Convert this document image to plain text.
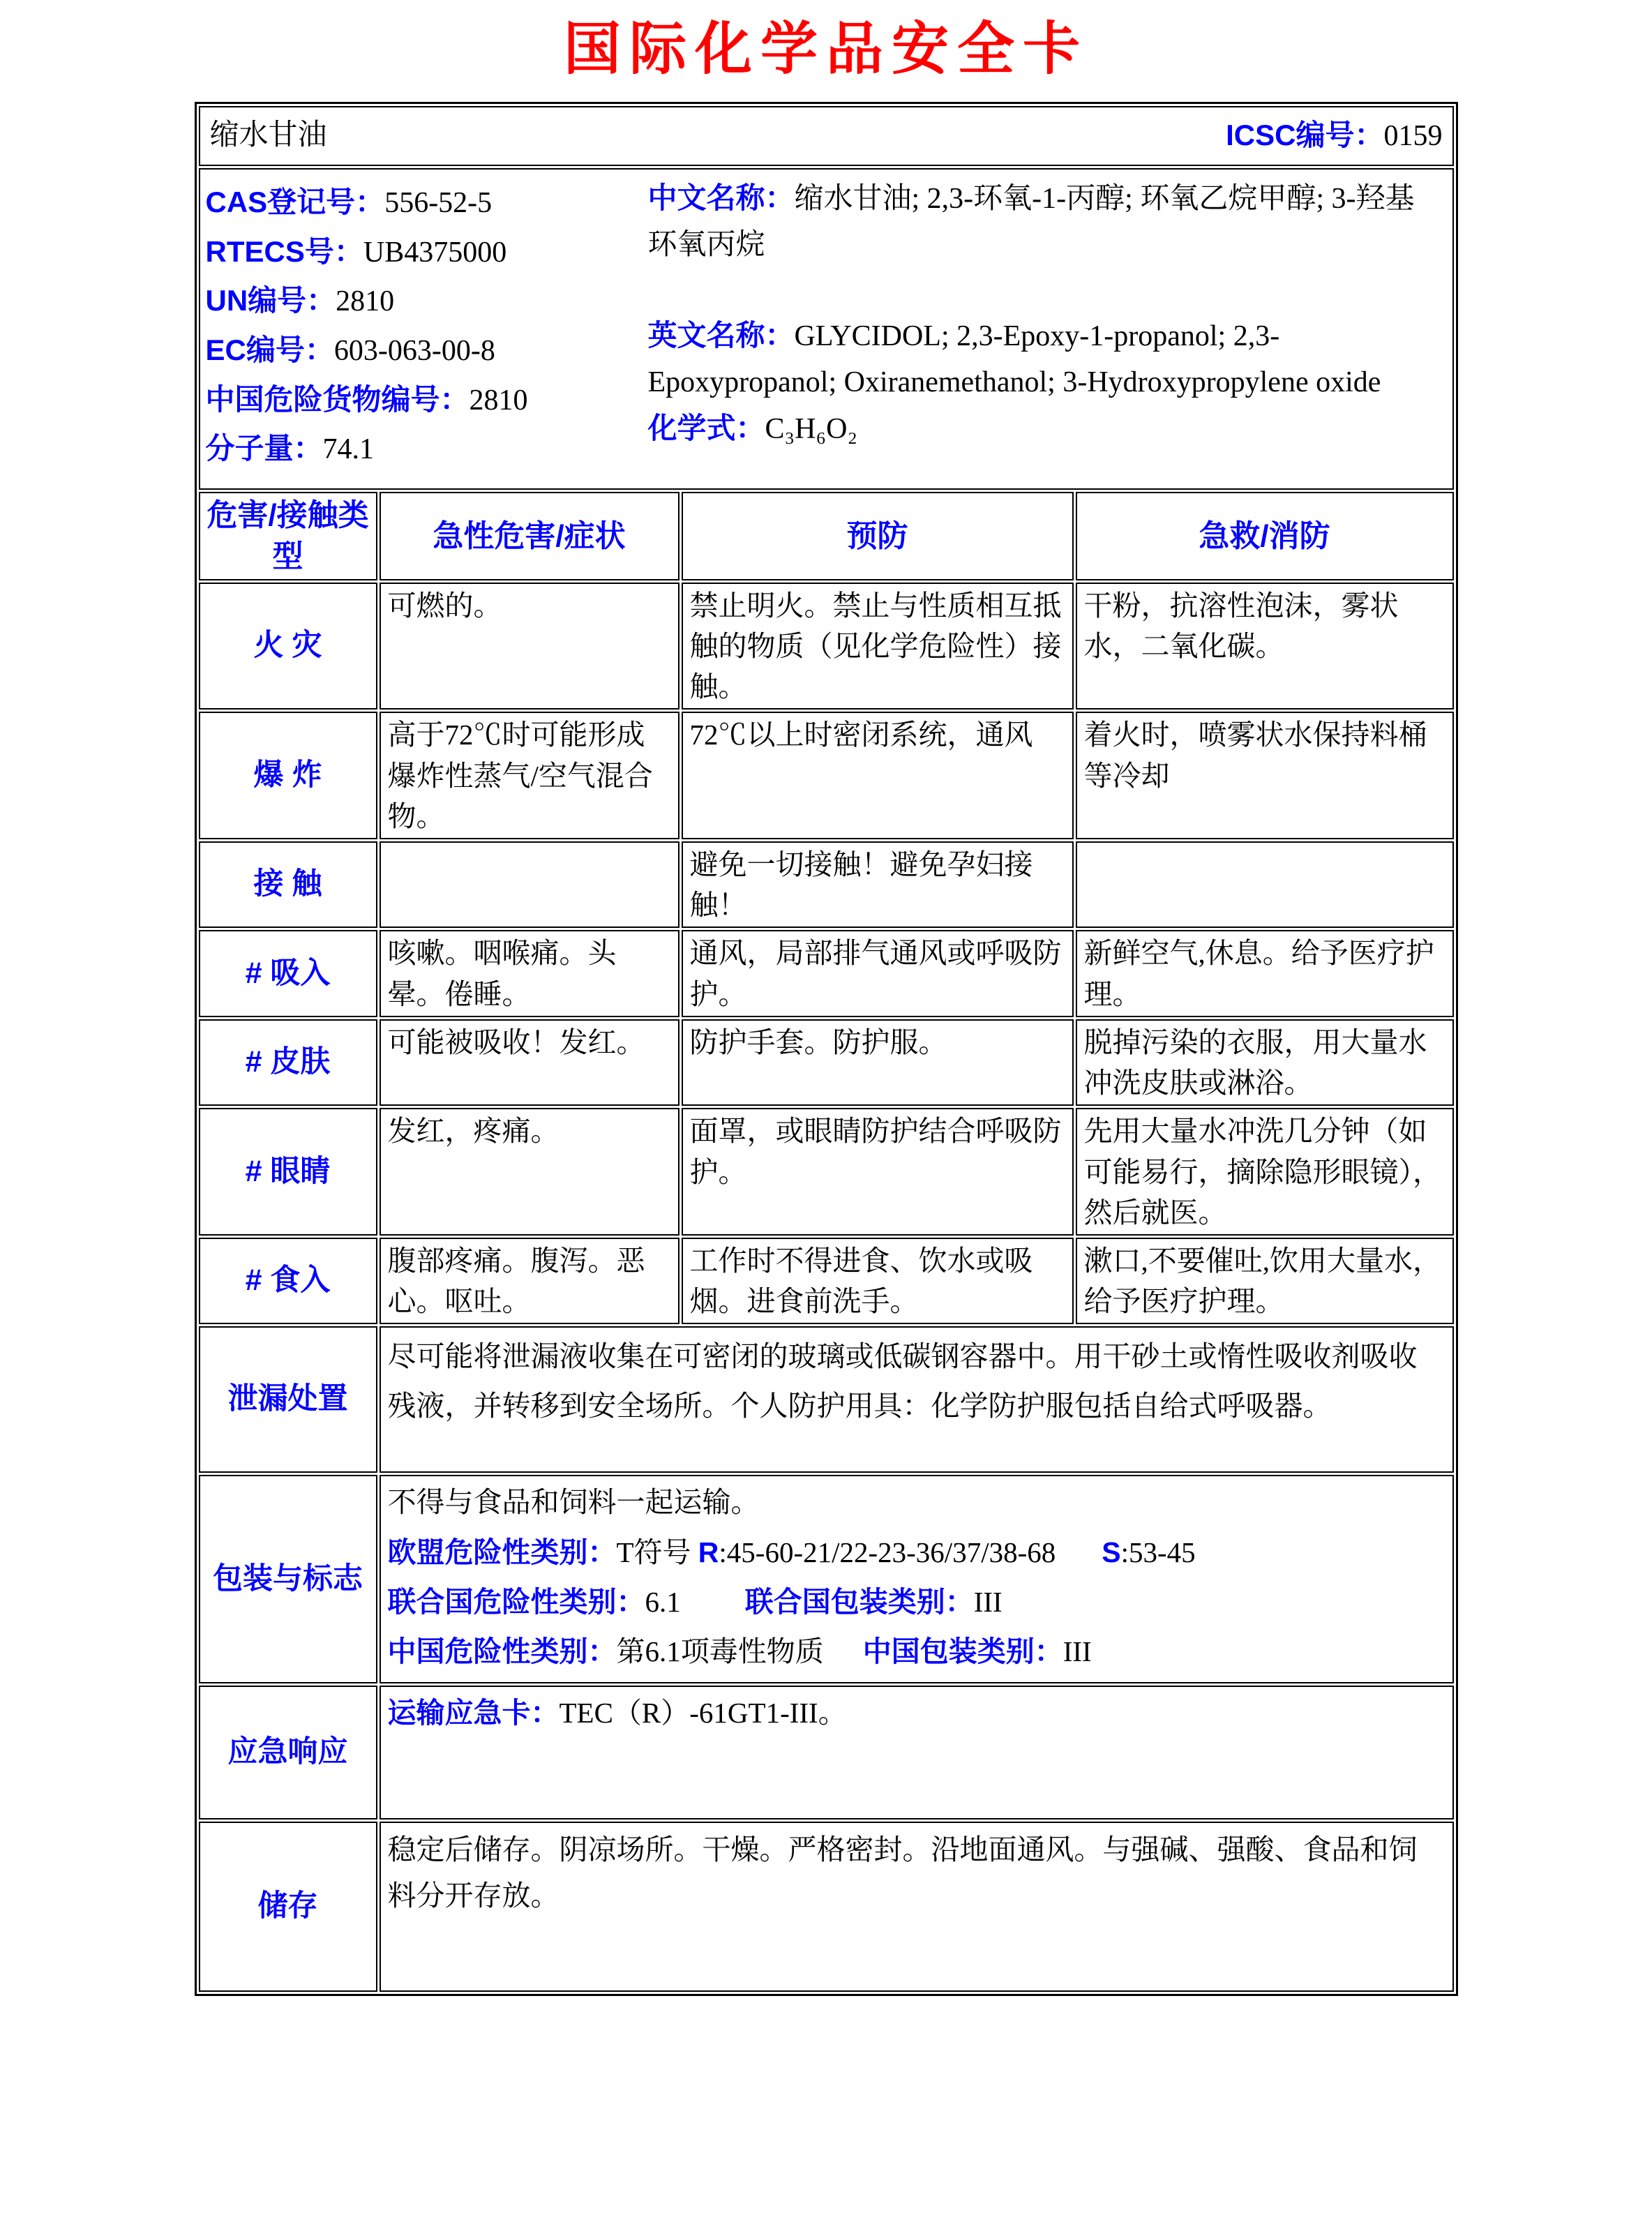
国际化学品安全卡
缩水甘油 ICSC编号：0159			

CAS登记号：556-52-5
RTECS号：UB4375000
UN编号：2810
EC编号：603-063-00-8
中国危险货物编号：2810
分子量：74.1

中文名称：缩水甘油; 2,3-环氧-1-丙醇; 环氧乙烷甲醇; 3-羟基环氧丙烷

英文名称：GLYCIDOL; 2,3-Epoxy-1-propanol; 2,3-Epoxypropanol; Oxiranemethanol; 3-Hydroxypropylene oxide

化学式：C₃H₆O₂

危害/接触类型	急性危害/症状	预防	急救/消防
火 灾	可燃的。	禁止明火。禁止与性质相互抵触的物质（见化学危险性）接触。	干粉，抗溶性泡沫，雾状水，二氧化碳。
爆 炸	高于72℃时可能形成爆炸性蒸气/空气混合物。	72℃以上时密闭系统，通风	着火时，喷雾状水保持料桶等冷却
接 触		避免一切接触！避免孕妇接触！	
# 吸入	咳嗽。咽喉痛。头晕。倦睡。	通风，局部排气通风或呼吸防护。	新鲜空气,休息。给予医疗护理。
# 皮肤	可能被吸收！发红。	防护手套。防护服。	脱掉污染的衣服，用大量水冲洗皮肤或淋浴。
# 眼睛	发红，疼痛。	面罩，或眼睛防护结合呼吸防护。	先用大量水冲洗几分钟（如可能易行，摘除隐形眼镜），然后就医。
# 食入	腹部疼痛。腹泻。恶心。呕吐。	工作时不得进食、饮水或吸烟。进食前洗手。	漱口,不要催吐,饮用大量水，给予医疗护理。
泄漏处置	尽可能将泄漏液收集在可密闭的玻璃或低碳钢容器中。用干砂土或惰性吸收剂吸收残液，并转移到安全场所。个人防护用具：化学防护服包括自给式呼吸器。		
包装与标志	不得与食品和饲料一起运输。
欧盟危险性类别：T符号 R:45-60-21/22-23-36/37/38-68 S:53-45
联合国危险性类别：6.1 联合国包装类别：III
中国危险性类别：第6.1项毒性物质 中国包装类别：III		

应急响应	运输应急卡：TEC（R）-61GT1-III。		
储存	稳定后储存。阴凉场所。干燥。严格密封。沿地面通风。与强碱、强酸、食品和饲料分开存放。		
